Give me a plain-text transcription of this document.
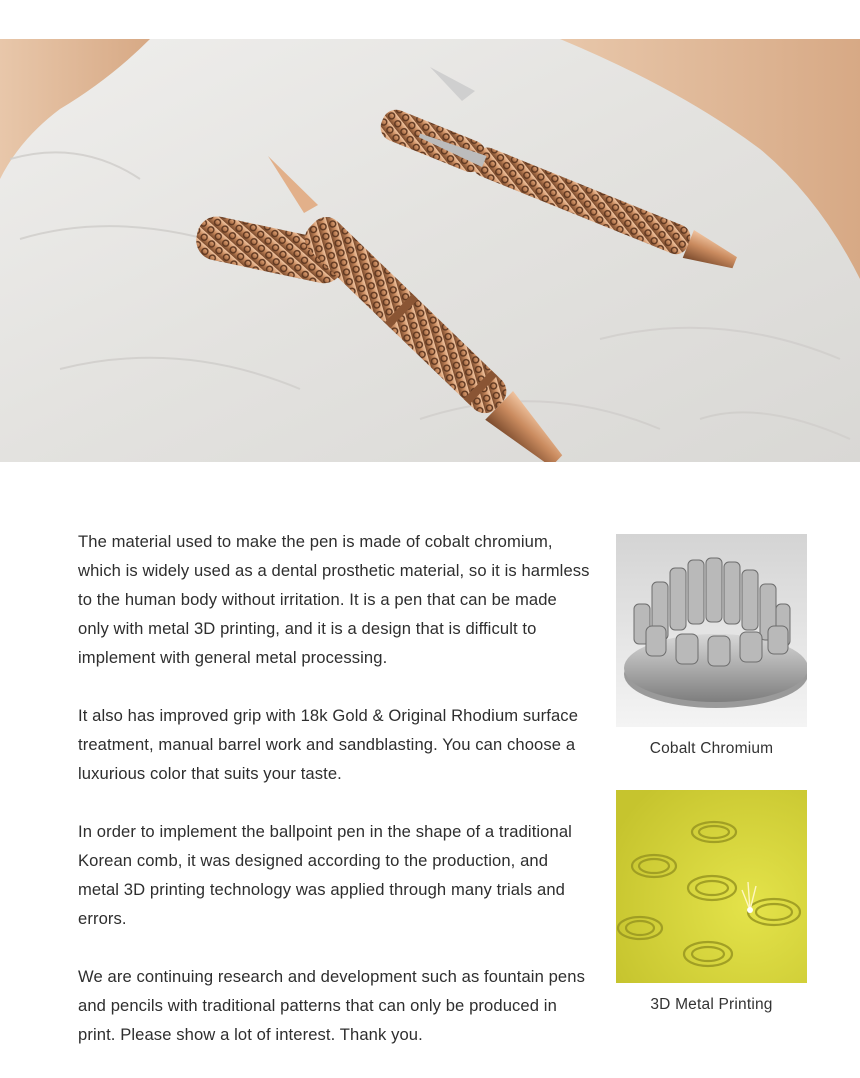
The material used to make the pen is made of cobalt chromium, which is widely used as a dental prosthetic material, so it is harmless to the human body without irritation. It is a pen that can be made only with metal 3D printing, and it is a design that is difficult to implement with general metal processing.

It also has improved grip with 18k Gold & Original Rhodium surface treatment, manual barrel work and sandblasting. You can choose a luxurious color that suits your taste.

In order to implement the ballpoint pen in the shape of a traditional Korean comb, it was designed according to the production, and metal 3D printing technology was applied through many trials and errors.

We are continuing research and development such as fountain pens and pencils with traditional patterns that can only be produced in print. Please show a lot of interest. Thank you.

Cobalt Chromium
3D Metal Printing
